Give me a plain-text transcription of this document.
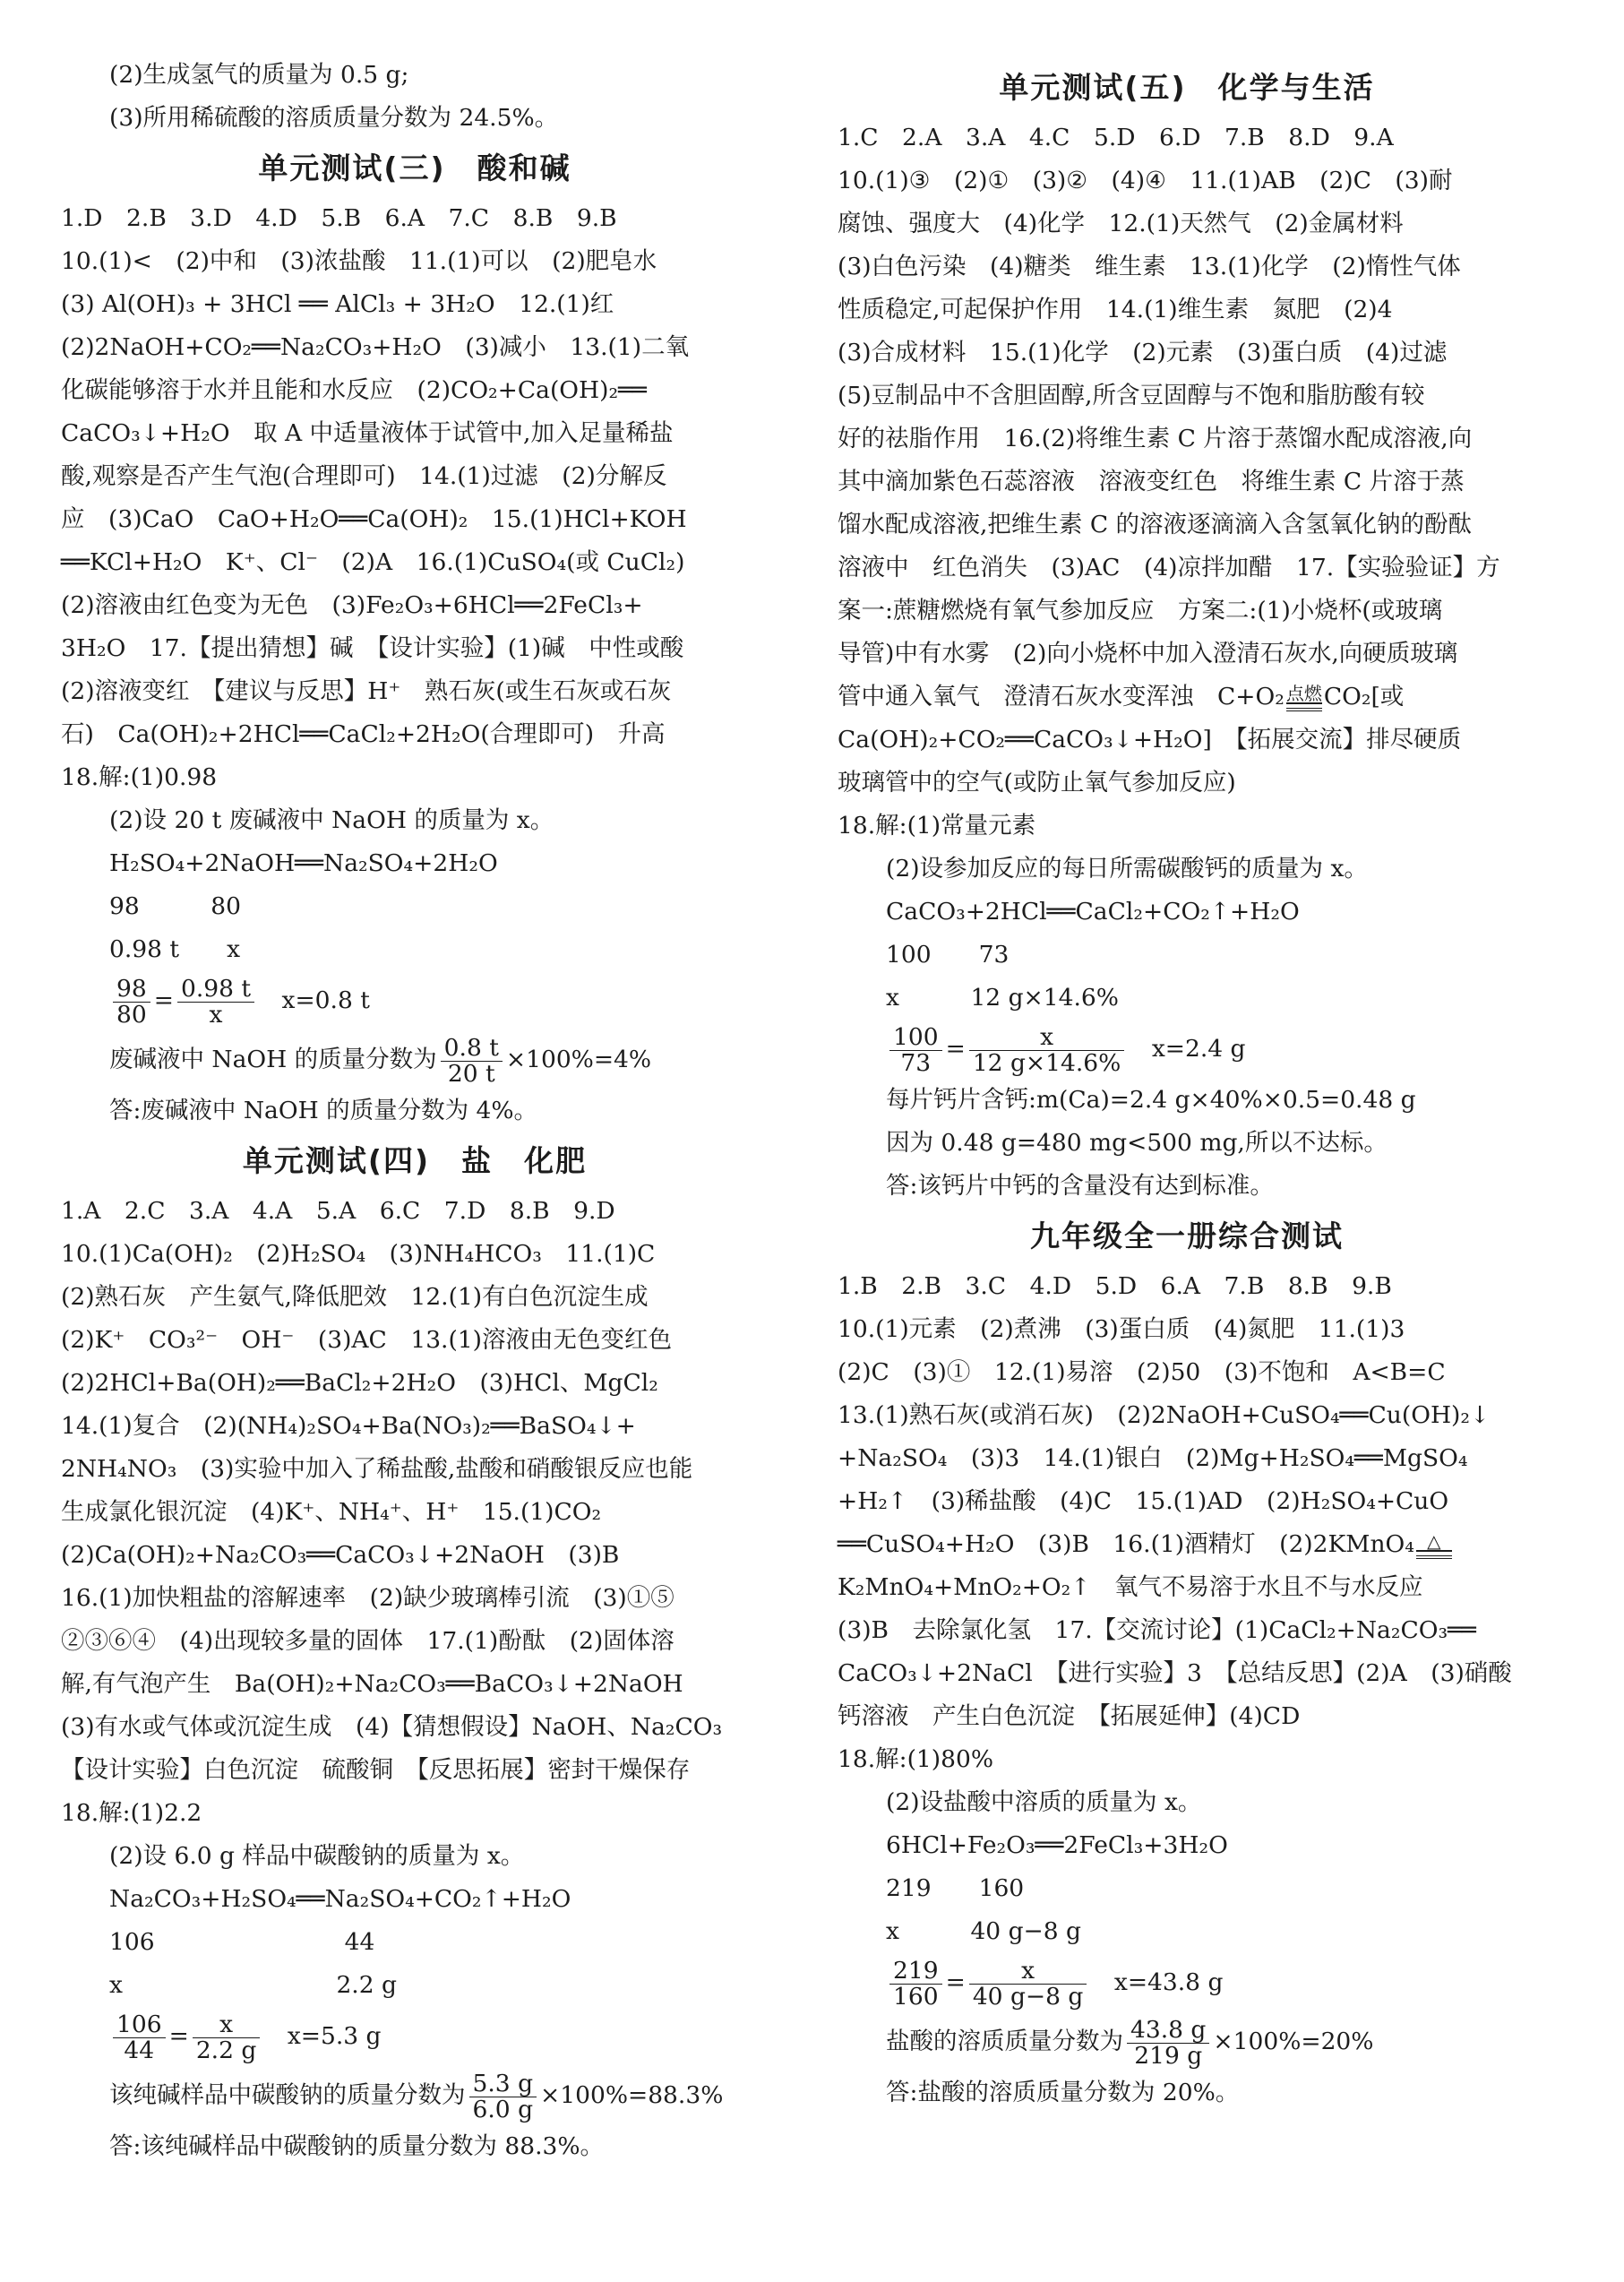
(2)生成氢气的质量为 0.5 g;
(3)所用稀硫酸的溶质质量分数为 24.5%。
单元测试(三)　酸和碱
1.D　2.B　3.D　4.D　5.B　6.A　7.C　8.B　9.B
10.(1)<　(2)中和　(3)浓盐酸　11.(1)可以　(2)肥皂水
(3) Al(OH)₃ + 3HCl ══ AlCl₃ + 3H₂O　12.(1)红
(2)2NaOH+CO₂══Na₂CO₃+H₂O　(3)减小　13.(1)二氧
化碳能够溶于水并且能和水反应　(2)CO₂+Ca(OH)₂══
CaCO₃↓+H₂O　取 A 中适量液体于试管中,加入足量稀盐
酸,观察是否产生气泡(合理即可)　14.(1)过滤　(2)分解反
应　(3)CaO　CaO+H₂O══Ca(OH)₂　15.(1)HCl+KOH
══KCl+H₂O　K⁺、Cl⁻　(2)A　16.(1)CuSO₄(或 CuCl₂)
(2)溶液由红色变为无色　(3)Fe₂O₃+6HCl══2FeCl₃+
3H₂O　17.【提出猜想】碱　【设计实验】(1)碱　中性或酸
(2)溶液变红　【建议与反思】H⁺　熟石灰(或生石灰或石灰
石)　Ca(OH)₂+2HCl══CaCl₂+2H₂O(合理即可)　升高
18.解:(1)0.98
(2)设 20 t 废碱液中 NaOH 的质量为 x。
H₂SO₄+2NaOH══Na₂SO₄+2H₂O
98　　　80
0.98 t　　x
$\frac{98}{80} = \frac{0.98 t}{x}$
　 x=0.8 t
废碱液中 NaOH 的质量分数为 $\frac{0.8 t}{20 t} \times 100\%=4\%$
答:废碱液中 NaOH 的质量分数为 4%。
单元测试(四)　盐　化肥
1.A　2.C　3.A　4.A　5.A　6.C　7.D　8.B　9.D
10.(1)Ca(OH)₂　(2)H₂SO₄　(3)NH₄HCO₃　11.(1)C
(2)熟石灰　产生氨气,降低肥效　12.(1)有白色沉淀生成
(2)K⁺　CO₃²⁻　OH⁻　(3)AC　13.(1)溶液由无色变红色
(2)2HCl+Ba(OH)₂══BaCl₂+2H₂O　(3)HCl、MgCl₂
14.(1)复合　(2)(NH₄)₂SO₄+Ba(NO₃)₂══BaSO₄↓+
2NH₄NO₃　(3)实验中加入了稀盐酸,盐酸和硝酸银反应也能
生成氯化银沉淀　(4)K⁺、NH₄⁺、H⁺　15.(1)CO₂
(2)Ca(OH)₂+Na₂CO₃══CaCO₃↓+2NaOH　(3)B
16.(1)加快粗盐的溶解速率　(2)缺少玻璃棒引流　(3)①⑤
②③⑥④　(4)出现较多量的固体　17.(1)酚酞　(2)固体溶
解,有气泡产生　Ba(OH)₂+Na₂CO₃══BaCO₃↓+2NaOH
(3)有水或气体或沉淀生成　(4)【猜想假设】NaOH、Na₂CO₃
【设计实验】白色沉淀　硫酸铜　【反思拓展】密封干燥保存
18.解:(1)2.2
(2)设 6.0 g 样品中碳酸钠的质量为 x。
Na₂CO₃+H₂SO₄══Na₂SO₄+CO₂↑+H₂O
106　　　　　　　　44
x　　　　　　　　　2.2 g
$\frac{106}{44} = \frac{x}{2.2 g}$
　 x=5.3 g
该纯碱样品中碳酸钠的质量分数为 $\frac{5.3 g}{6.0 g} \times 100\%=88.3\%$
答:该纯碱样品中碳酸钠的质量分数为 88.3%。
单元测试(五)　化学与生活
1.C　2.A　3.A　4.C　5.D　6.D　7.B　8.D　9.A
10.(1)③　(2)①　(3)②　(4)④　11.(1)AB　(2)C　(3)耐
腐蚀、强度大　(4)化学　12.(1)天然气　(2)金属材料
(3)白色污染　(4)糖类　维生素　13.(1)化学　(2)惰性气体
性质稳定,可起保护作用　14.(1)维生素　氮肥　(2)4
(3)合成材料　15.(1)化学　(2)元素　(3)蛋白质　(4)过滤
(5)豆制品中不含胆固醇,所含豆固醇与不饱和脂肪酸有较
好的祛脂作用　16.(2)将维生素 C 片溶于蒸馏水配成溶液,向
其中滴加紫色石蕊溶液　溶液变红色　将维生素 C 片溶于蒸
馏水配成溶液,把维生素 C 的溶液逐滴滴入含氢氧化钠的酚酞
溶液中　红色消失　(3)AC　(4)凉拌加醋　17.【实验验证】方
案一:蔗糖燃烧有氧气参加反应　方案二:(1)小烧杯(或玻璃
导管)中有水雾　(2)向小烧杯中加入澄清石灰水,向硬质玻璃
管中通入氧气　澄清石灰水变浑浊　C+O₂ 点燃 CO₂[或
Ca(OH)₂+CO₂══CaCO₃↓+H₂O]　【拓展交流】排尽硬质
玻璃管中的空气(或防止氧气参加反应)
18.解:(1)常量元素
(2)设参加反应的每日所需碳酸钙的质量为 x。
CaCO₃+2HCl══CaCl₂+CO₂↑+H₂O
100　　73
x　　　12 g×14.6%
$\frac{100}{73} = \frac{x}{12 g\times 14.6\%}$
　 x=2.4 g
每片钙片含钙:m(Ca)=2.4 g×40%×0.5=0.48 g
因为 0.48 g=480 mg<500 mg,所以不达标。
答:该钙片中钙的含量没有达到标准。
九年级全一册综合测试
1.B　2.B　3.C　4.D　5.D　6.A　7.B　8.B　9.B
10.(1)元素　(2)煮沸　(3)蛋白质　(4)氮肥　11.(1)3
(2)C　(3)①　12.(1)易溶　(2)50　(3)不饱和　A<B=C
13.(1)熟石灰(或消石灰)　(2)2NaOH+CuSO₄══Cu(OH)₂↓
+Na₂SO₄　(3)3　14.(1)银白　(2)Mg+H₂SO₄══MgSO₄
+H₂↑　(3)稀盐酸　(4)C　15.(1)AD　(2)H₂SO₄+CuO
══CuSO₄+H₂O　(3)B　16.(1)酒精灯　(2)2KMnO₄ △
K₂MnO₄+MnO₂+O₂↑　氧气不易溶于水且不与水反应
(3)B　去除氯化氢　17.【交流讨论】(1)CaCl₂+Na₂CO₃══
CaCO₃↓+2NaCl　【进行实验】3　【总结反思】(2)A　(3)硝酸
钙溶液　产生白色沉淀　【拓展延伸】(4)CD
18.解:(1)80%
(2)设盐酸中溶质的质量为 x。
6HCl+Fe₂O₃══2FeCl₃+3H₂O
219　　160
x　　　40 g−8 g
$\frac{219}{160} = \frac{x}{40 g-8 g}$
　 x=43.8 g
盐酸的溶质质量分数为 $\frac{43.8 g}{219 g} \times 100\%=20\%$
答:盐酸的溶质质量分数为 20%。
